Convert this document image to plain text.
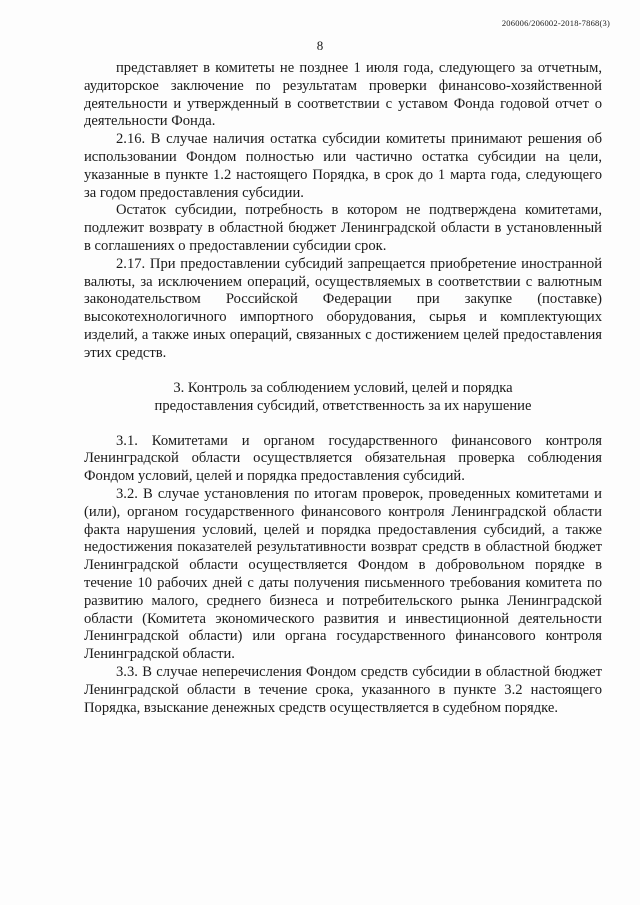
206006/206002-2018-7868(3)
8

представляет в комитеты не позднее 1 июля года, следующего за отчетным, аудиторское заключение по результатам проверки финансово-хозяйственной деятельности и утвержденный в соответствии с уставом Фонда годовой отчет о деятельности Фонда.

2.16. В случае наличия остатка субсидии комитеты принимают решения об использовании Фондом полностью или частично остатка субсидии на цели, указанные в пункте 1.2 настоящего Порядка, в срок до 1 марта года, следующего за годом предоставления субсидии.

Остаток субсидии, потребность в котором не подтверждена комитетами, подлежит возврату в областной бюджет Ленинградской области в установленный в соглашениях о предоставлении субсидии срок.

2.17. При предоставлении субсидий запрещается приобретение иностранной валюты, за исключением операций, осуществляемых в соответствии с валютным законодательством Российской Федерации при закупке (поставке) высокотехнологичного импортного оборудования, сырья и комплектующих изделий, а также иных операций, связанных с достижением целей предоставления этих средств.

3. Контроль за соблюдением условий, целей и порядка
предоставления субсидий, ответственность за их нарушение

3.1. Комитетами и органом государственного финансового контроля Ленинградской области осуществляется обязательная проверка соблюдения Фондом условий, целей и порядка предоставления субсидий.

3.2. В случае установления по итогам проверок, проведенных комитетами и (или), органом государственного финансового контроля Ленинградской области факта нарушения условий, целей и порядка предоставления субсидий, а также недостижения показателей результативности возврат средств в областной бюджет Ленинградской области осуществляется Фондом в добровольном порядке в течение 10 рабочих дней с даты получения письменного требования комитета по развитию малого, среднего бизнеса и потребительского рынка Ленинградской области (Комитета экономического развития и инвестиционной деятельности Ленинградской области) или органа государственного финансового контроля Ленинградской области.

3.3. В случае неперечисления Фондом средств субсидии в областной бюджет Ленинградской области в течение срока, указанного в пункте 3.2 настоящего Порядка, взыскание денежных средств осуществляется в судебном порядке.
